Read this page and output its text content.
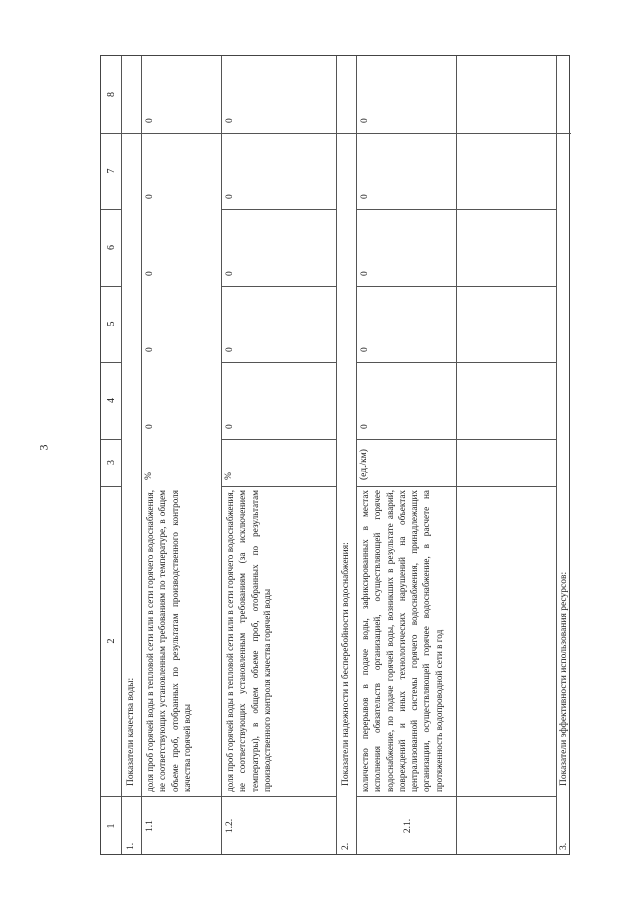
3
8
7
6
5
4
3
2
1
Показатели качества воды:
1.
1.1
доля проб горячей воды в тепловой сети или в сети горячего водоснабжения, не соответствующих установленным требованиям по температуре, в общем объеме проб, отобранных по результатам производственного контроля качества горячей воды
%
0
0
0
0
0
1.2.
доля проб горячей воды в тепловой сети или в сети горячего водоснабжения, не соответствующих установленным требованиям (за исключением температуры), в общем объеме проб, отобранных по результатам производственного контроля качества горячей воды
%
0
0
0
0
0
Показатели надежности и бесперебойности водоснабжения:
2.
2.1.
количество перерывов в подаче воды, зафиксированных в местах исполнения обязательств организацией, осуществляющей горячее водоснабжение, по подаче горячей воды, возникших в результате аварий, повреждений и иных технологических нарушений на объектах централизованной системы горячего водоснабжения, принадлежащих организации, осуществляющей горячее водоснабжение, в расчете на протяженность водопроводной сети в год
(ед./км)
0
0
0
0
0
Показатели эффективности использования ресурсов:
3.
